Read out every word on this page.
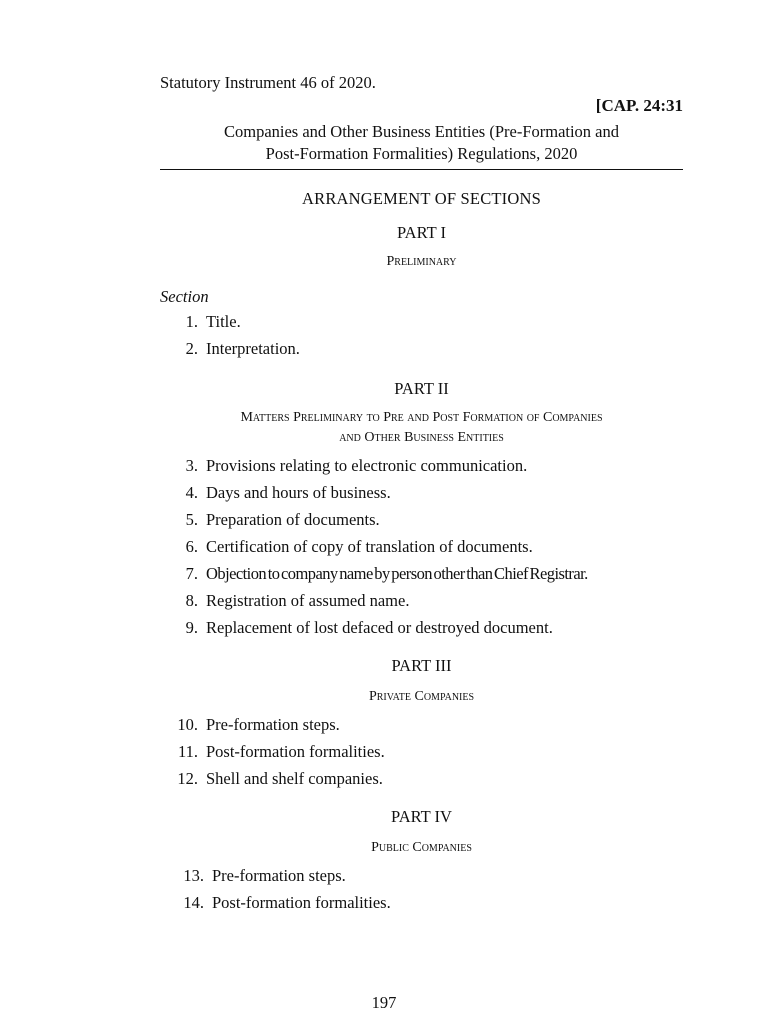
Statutory Instrument 46 of 2020.
[CAP. 24:31
Companies and Other Business Entities (Pre-Formation and
Post-Formation Formalities) Regulations, 2020
ARRANGEMENT OF SECTIONS
PART I
Preliminary
Section
1. Title.
2. Interpretation.
PART II
Matters Preliminary to Pre and Post Formation of Companies
and Other Business Entities
3. Provisions relating to electronic communication.
4. Days and hours of business.
5. Preparation of documents.
6. Certification of copy of translation of documents.
7. Objection to company name by person other than Chief Registrar.
8. Registration of assumed name.
9. Replacement of lost defaced or destroyed document.
PART III
Private Companies
10. Pre-formation steps.
11. Post-formation formalities.
12. Shell and shelf companies.
PART IV
Public Companies
13. Pre-formation steps.
14. Post-formation formalities.
197
